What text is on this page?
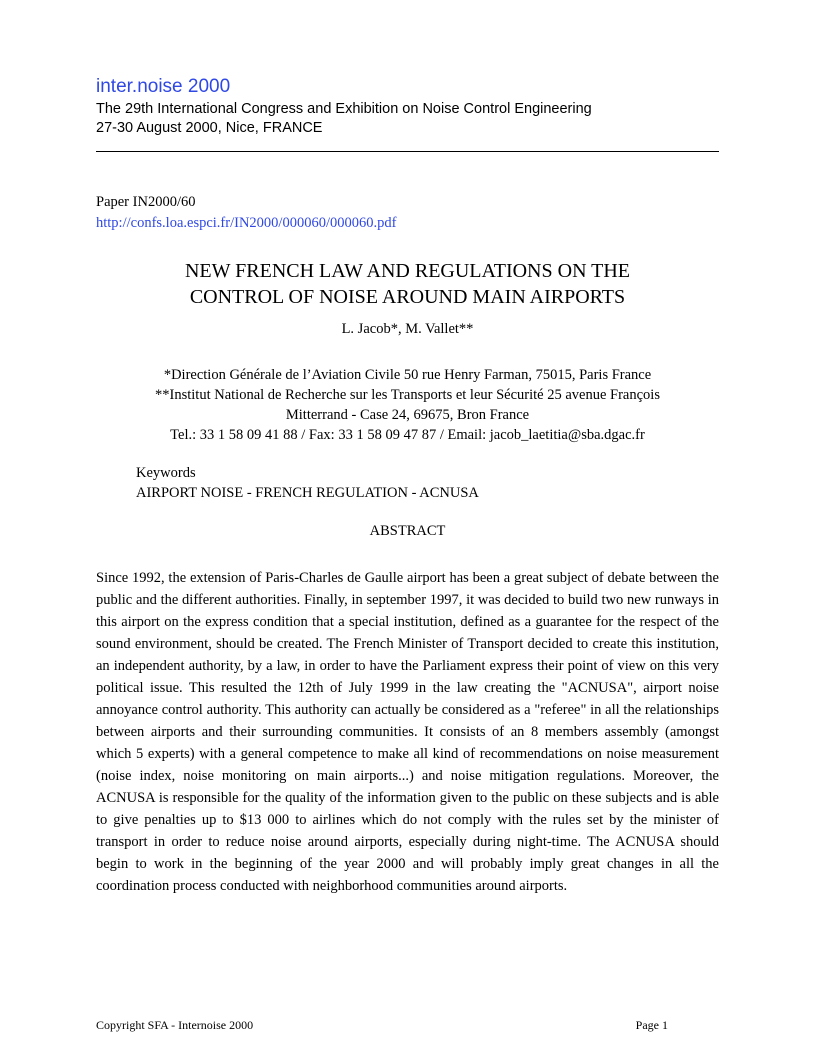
inter.noise 2000
The 29th International Congress and Exhibition on Noise Control Engineering
27-30 August 2000, Nice, FRANCE
Paper IN2000/60
http://confs.loa.espci.fr/IN2000/000060/000060.pdf
NEW FRENCH LAW AND REGULATIONS ON THE
CONTROL OF NOISE AROUND MAIN AIRPORTS
L. Jacob*, M. Vallet**
*Direction Générale de l’Aviation Civile 50 rue Henry Farman, 75015, Paris France
**Institut National de Recherche sur les Transports et leur Sécurité 25 avenue François
Mitterrand - Case 24, 69675, Bron France
Tel.: 33 1 58 09 41 88 / Fax: 33 1 58 09 47 87 / Email: jacob_laetitia@sba.dgac.fr
Keywords
AIRPORT NOISE - FRENCH REGULATION - ACNUSA
ABSTRACT

Since 1992, the extension of Paris-Charles de Gaulle airport has been a great subject of debate between the public and the different authorities. Finally, in september 1997, it was decided to build two new runways in this airport on the express condition that a special institution, defined as a guarantee for the respect of the sound environment, should be created. The French Minister of Transport decided to create this institution, an independent authority, by a law, in order to have the Parliament express their point of view on this very political issue. This resulted the 12th of July 1999 in the law creating the "ACNUSA", airport noise annoyance control authority. This authority can actually be considered as a "referee" in all the relationships between airports and their surrounding communities. It consists of an 8 members assembly (amongst which 5 experts) with a general competence to make all kind of recommendations on noise measurement (noise index, noise monitoring on main airports...) and noise mitigation regulations. Moreover, the ACNUSA is responsible for the quality of the information given to the public on these subjects and is able to give penalties up to $13 000 to airlines which do not comply with the rules set by the minister of transport in order to reduce noise around airports, especially during night-time. The ACNUSA should begin to work in the beginning of the year 2000 and will probably imply great changes in all the coordination process conducted with neighborhood communities around airports.

Copyright SFA - Internoise 2000	Page 1
